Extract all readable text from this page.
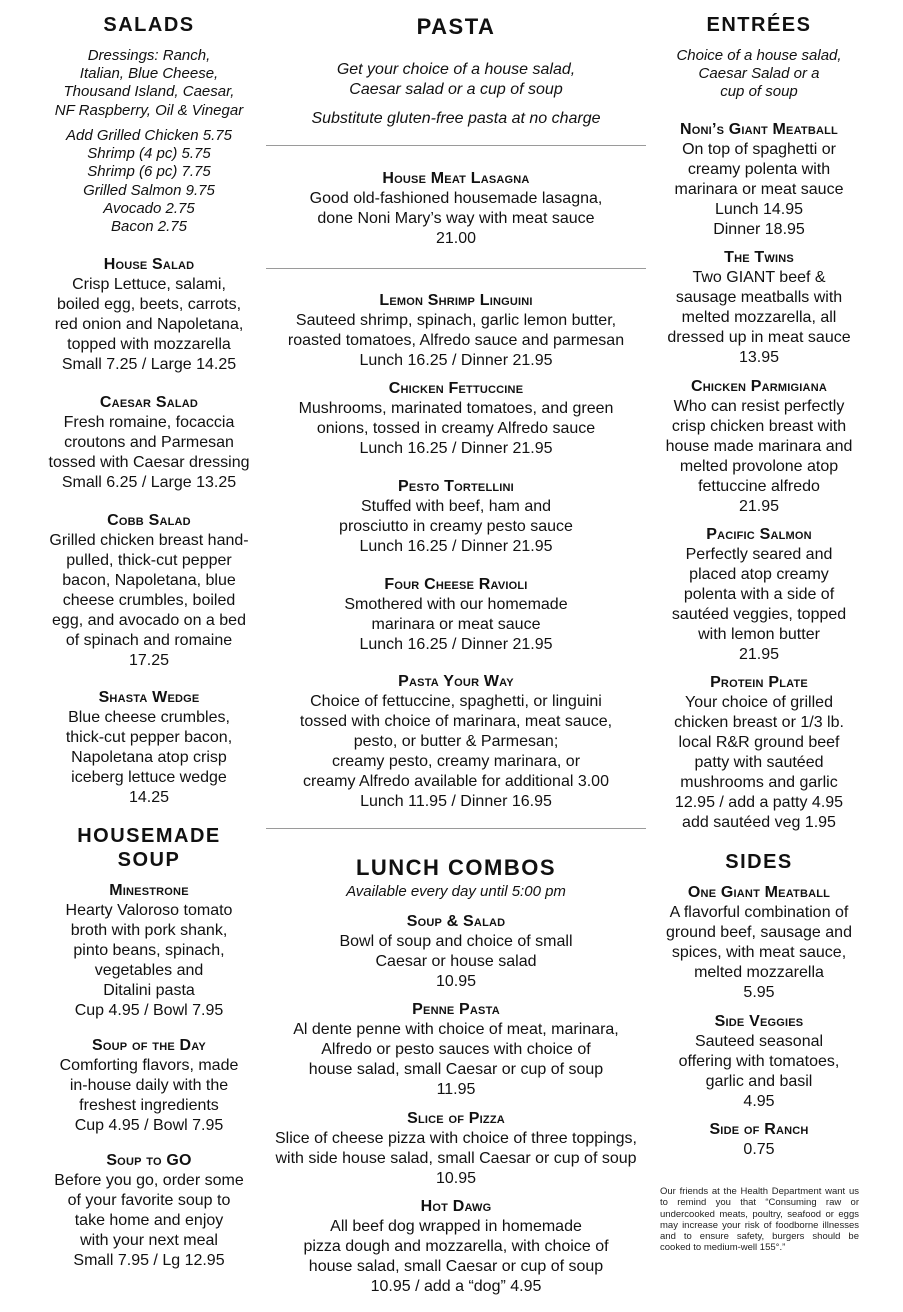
SALADS
Dressings: Ranch,
Italian, Blue Cheese,
Thousand Island, Caesar,
NF Raspberry, Oil & Vinegar
Add Grilled Chicken 5.75
Shrimp (4 pc) 5.75
Shrimp (6 pc) 7.75
Grilled Salmon 9.75
Avocado 2.75
Bacon 2.75
House Salad
Crisp Lettuce, salami,
boiled egg, beets, carrots,
red onion and Napoletana,
topped with mozzarella
Small 7.25 / Large 14.25
Caesar Salad
Fresh romaine, focaccia
croutons and Parmesan
tossed with Caesar dressing
Small 6.25 / Large 13.25
Cobb Salad
Grilled chicken breast hand-
pulled, thick-cut pepper
bacon, Napoletana, blue
cheese crumbles, boiled
egg, and avocado on a bed
of spinach and romaine
17.25
Shasta Wedge
Blue cheese crumbles,
thick-cut pepper bacon,
Napoletana atop crisp
iceberg lettuce wedge
14.25
HOUSEMADE
SOUP
Minestrone
Hearty Valoroso tomato
broth with pork shank,
pinto beans, spinach,
vegetables and
Ditalini pasta
Cup 4.95 / Bowl 7.95
Soup of the Day
Comforting flavors, made
in-house daily with the
freshest ingredients
Cup 4.95 / Bowl 7.95
Soup to GO
Before you go, order some
of your favorite soup to
take home and enjoy
with your next meal
Small 7.95 / Lg 12.95
PASTA
Get your choice of a house salad,
Caesar salad or a cup of soup
Substitute gluten-free pasta at no charge
House Meat Lasagna
Good old-fashioned housemade lasagna,
done Noni Mary’s way with meat sauce
21.00
Lemon Shrimp Linguini
Sauteed shrimp, spinach, garlic lemon butter,
roasted tomatoes, Alfredo sauce and parmesan
Lunch 16.25 / Dinner 21.95
Chicken Fettuccine
Mushrooms, marinated tomatoes, and green
onions, tossed in creamy Alfredo sauce
Lunch 16.25 / Dinner 21.95
Pesto Tortellini
Stuffed with beef, ham and
prosciutto in creamy pesto sauce
Lunch 16.25 / Dinner 21.95
Four Cheese Ravioli
Smothered with our homemade
marinara or meat sauce
Lunch 16.25 / Dinner 21.95
Pasta Your Way
Choice of fettuccine, spaghetti, or linguini
tossed with choice of marinara, meat sauce,
pesto, or butter & Parmesan;
creamy pesto, creamy marinara, or
creamy Alfredo available for additional 3.00
Lunch 11.95 / Dinner 16.95
LUNCH COMBOS
Available every day until 5:00 pm
Soup & Salad
Bowl of soup and choice of small
Caesar or house salad
10.95
Penne Pasta
Al dente penne with choice of meat, marinara,
Alfredo or pesto sauces with choice of
house salad, small Caesar or cup of soup
11.95
Slice of Pizza
Slice of cheese pizza with choice of three toppings,
with side house salad, small Caesar or cup of soup
10.95
Hot Dawg
All beef dog wrapped in homemade
pizza dough and mozzarella, with choice of
house salad, small Caesar or cup of soup
10.95 / add a “dog” 4.95
ENTRÉES
Choice of a house salad,
Caesar Salad or a
cup of soup
Noni’s Giant Meatball
On top of spaghetti or
creamy polenta with
marinara or meat sauce
Lunch 14.95
Dinner 18.95
The Twins
Two GIANT beef &
sausage meatballs with
melted mozzarella, all
dressed up in meat sauce
13.95
Chicken Parmigiana
Who can resist perfectly
crisp chicken breast with
house made marinara and
melted provolone atop
fettuccine alfredo
21.95
Pacific Salmon
Perfectly seared and
placed atop creamy
polenta with a side of
sautéed veggies, topped
with lemon butter
21.95
Protein Plate
Your choice of grilled
chicken breast or 1/3 lb.
local R&R ground beef
patty with sautéed
mushrooms and garlic
12.95 / add a patty 4.95
add sautéed veg 1.95
SIDES
One Giant Meatball
A flavorful combination of
ground beef, sausage and
spices, with meat sauce,
melted mozzarella
5.95
Side Veggies
Sauteed seasonal
offering with tomatoes,
garlic and basil
4.95
Side of Ranch
0.75
Our friends at the Health Department want us to remind you that “Consuming raw or undercooked meats, poultry, seafood or eggs may increase your risk of foodborne illnesses and to ensure safety, burgers should be cooked to medium-well 155°.”
